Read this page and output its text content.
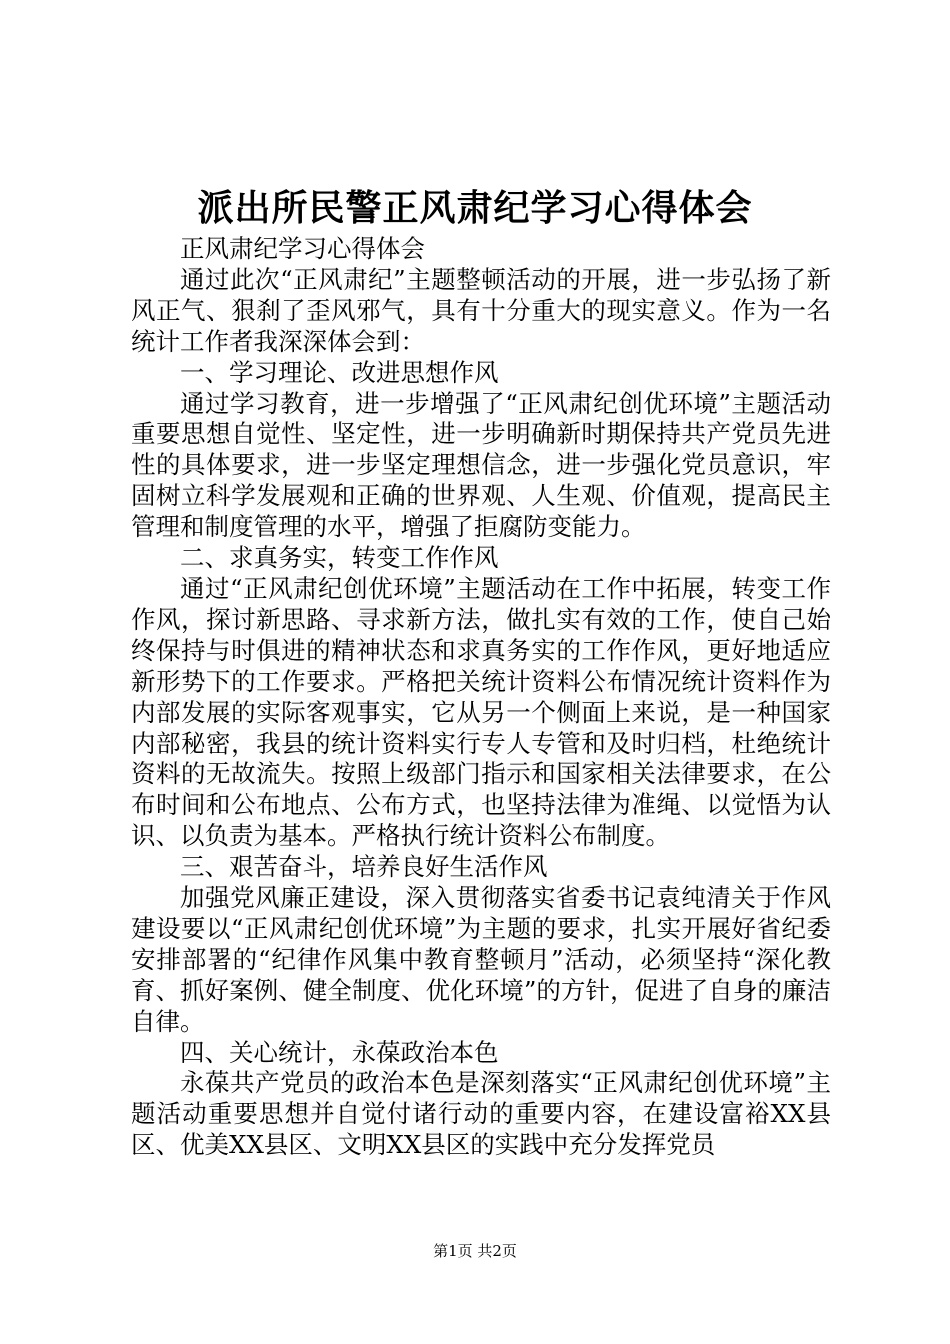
派出所民警正风肃纪学习心得体会

正风肃纪学习心得体会

通过此次“正风肃纪”主题整顿活动的开展，进一步弘扬了新风正气、狠刹了歪风邪气，具有十分重大的现实意义。作为一名统计工作者我深深体会到：

一、学习理论、改进思想作风

通过学习教育，进一步增强了“正风肃纪创优环境”主题活动重要思想自觉性、坚定性，进一步明确新时期保持共产党员先进性的具体要求，进一步坚定理想信念，进一步强化党员意识，牢固树立科学发展观和正确的世界观、人生观、价值观，提高民主管理和制度管理的水平，增强了拒腐防变能力。

二、求真务实，转变工作作风

通过“正风肃纪创优环境”主题活动在工作中拓展，转变工作作风，探讨新思路、寻求新方法，做扎实有效的工作，使自己始终保持与时俱进的精神状态和求真务实的工作作风，更好地适应新形势下的工作要求。严格把关统计资料公布情况统计资料作为内部发展的实际客观事实，它从另一个侧面上来说，是一种国家内部秘密，我县的统计资料实行专人专管和及时归档，杜绝统计资料的无故流失。按照上级部门指示和国家相关法律要求，在公布时间和公布地点、公布方式，也坚持法律为准绳、以觉悟为认识、以负责为基本。严格执行统计资料公布制度。

三、艰苦奋斗，培养良好生活作风

加强党风廉正建设，深入贯彻落实省委书记袁纯清关于作风建设要以“正风肃纪创优环境”为主题的要求，扎实开展好省纪委安排部署的“纪律作风集中教育整顿月”活动，必须坚持“深化教育、抓好案例、健全制度、优化环境”的方针，促进了自身的廉洁自律。

四、关心统计，永葆政治本色

永葆共产党员的政治本色是深刻落实“正风肃纪创优环境”主题活动重要思想并自觉付诸行动的重要内容，在建设富裕XX县区、优美XX县区、文明XX县区的实践中充分发挥党员

第1页 共2页
